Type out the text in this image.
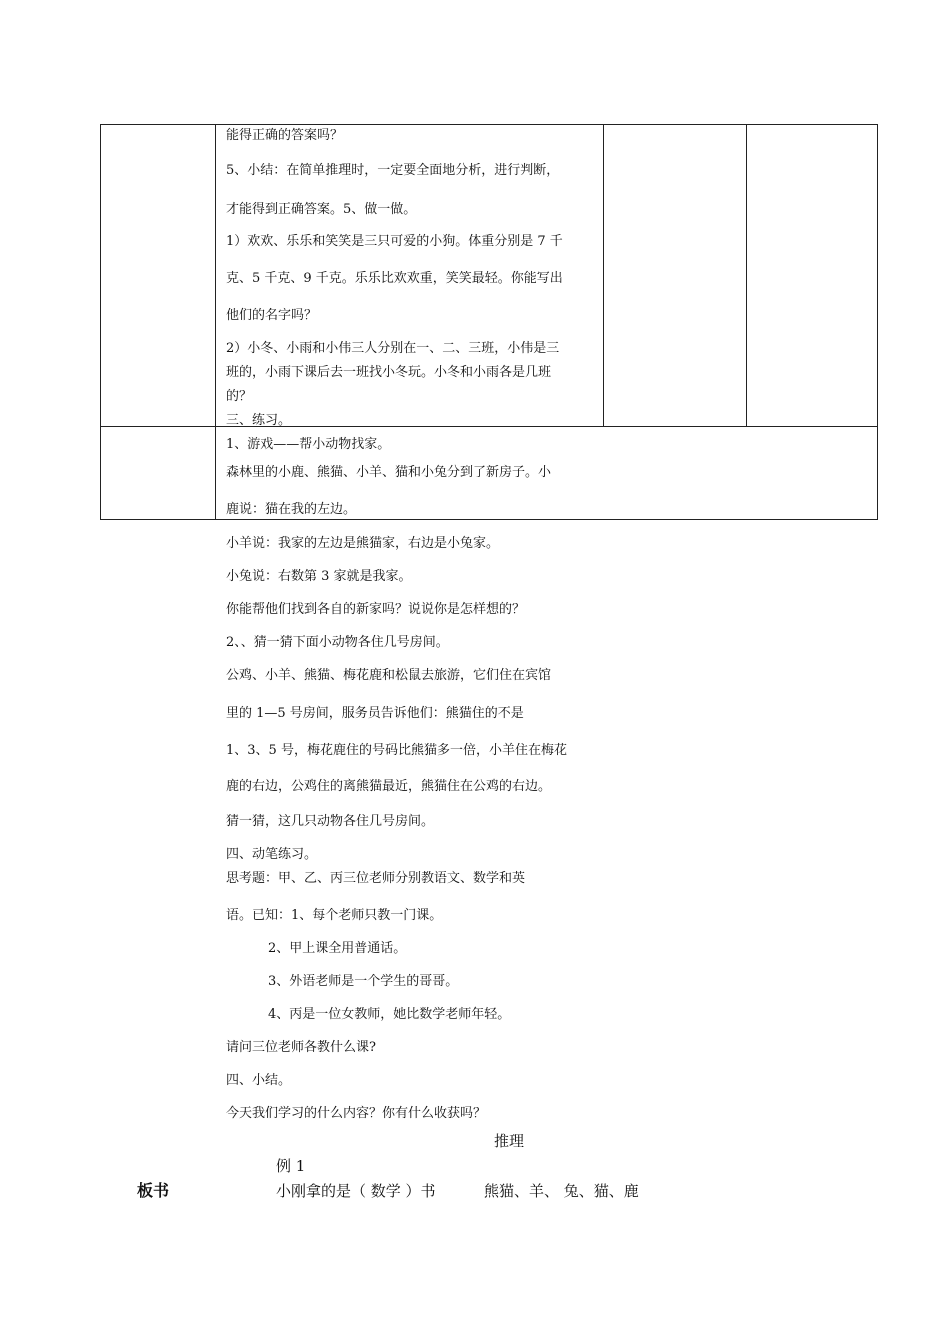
能得正确的答案吗？
5、小结：在简单推理时，一定要全面地分析，进行判断，
才能得到正确答案。5、做一做。
1）欢欢、乐乐和笑笑是三只可爱的小狗。体重分别是 7 千
克、5 千克、9 千克。乐乐比欢欢重，笑笑最轻。你能写出
他们的名字吗？
2）小冬、小雨和小伟三人分别在一、二、三班，小伟是三
班的，小雨下课后去一班找小冬玩。小冬和小雨各是几班
的？
三、练习。
1、游戏——帮小动物找家。
森林里的小鹿、熊猫、小羊、猫和小兔分到了新房子。小
鹿说：猫在我的左边。
小羊说：我家的左边是熊猫家，右边是小兔家。
小兔说：右数第 3 家就是我家。
你能帮他们找到各自的新家吗？说说你是怎样想的？
2、、猜一猜下面小动物各住几号房间。
公鸡、小羊、熊猫、梅花鹿和松鼠去旅游，它们住在宾馆
里的 1—5 号房间，服务员告诉他们：熊猫住的不是
1、3、5 号，梅花鹿住的号码比熊猫多一倍，小羊住在梅花
鹿的右边，公鸡住的离熊猫最近，熊猫住在公鸡的右边。
猜一猜，这几只动物各住几号房间。
四、动笔练习。
思考题：甲、乙、丙三位老师分别教语文、数学和英
语。已知：1、每个老师只教一门课。
2、甲上课全用普通话。
3、外语老师是一个学生的哥哥。
4、丙是一位女教师，她比数学老师年轻。
请问三位老师各教什么课?
四、小结。
今天我们学习的什么内容？你有什么收获吗？
板书
推理
例 1
小刚拿的是（ 数学 ）书	熊猫、羊、 兔、猫、鹿
